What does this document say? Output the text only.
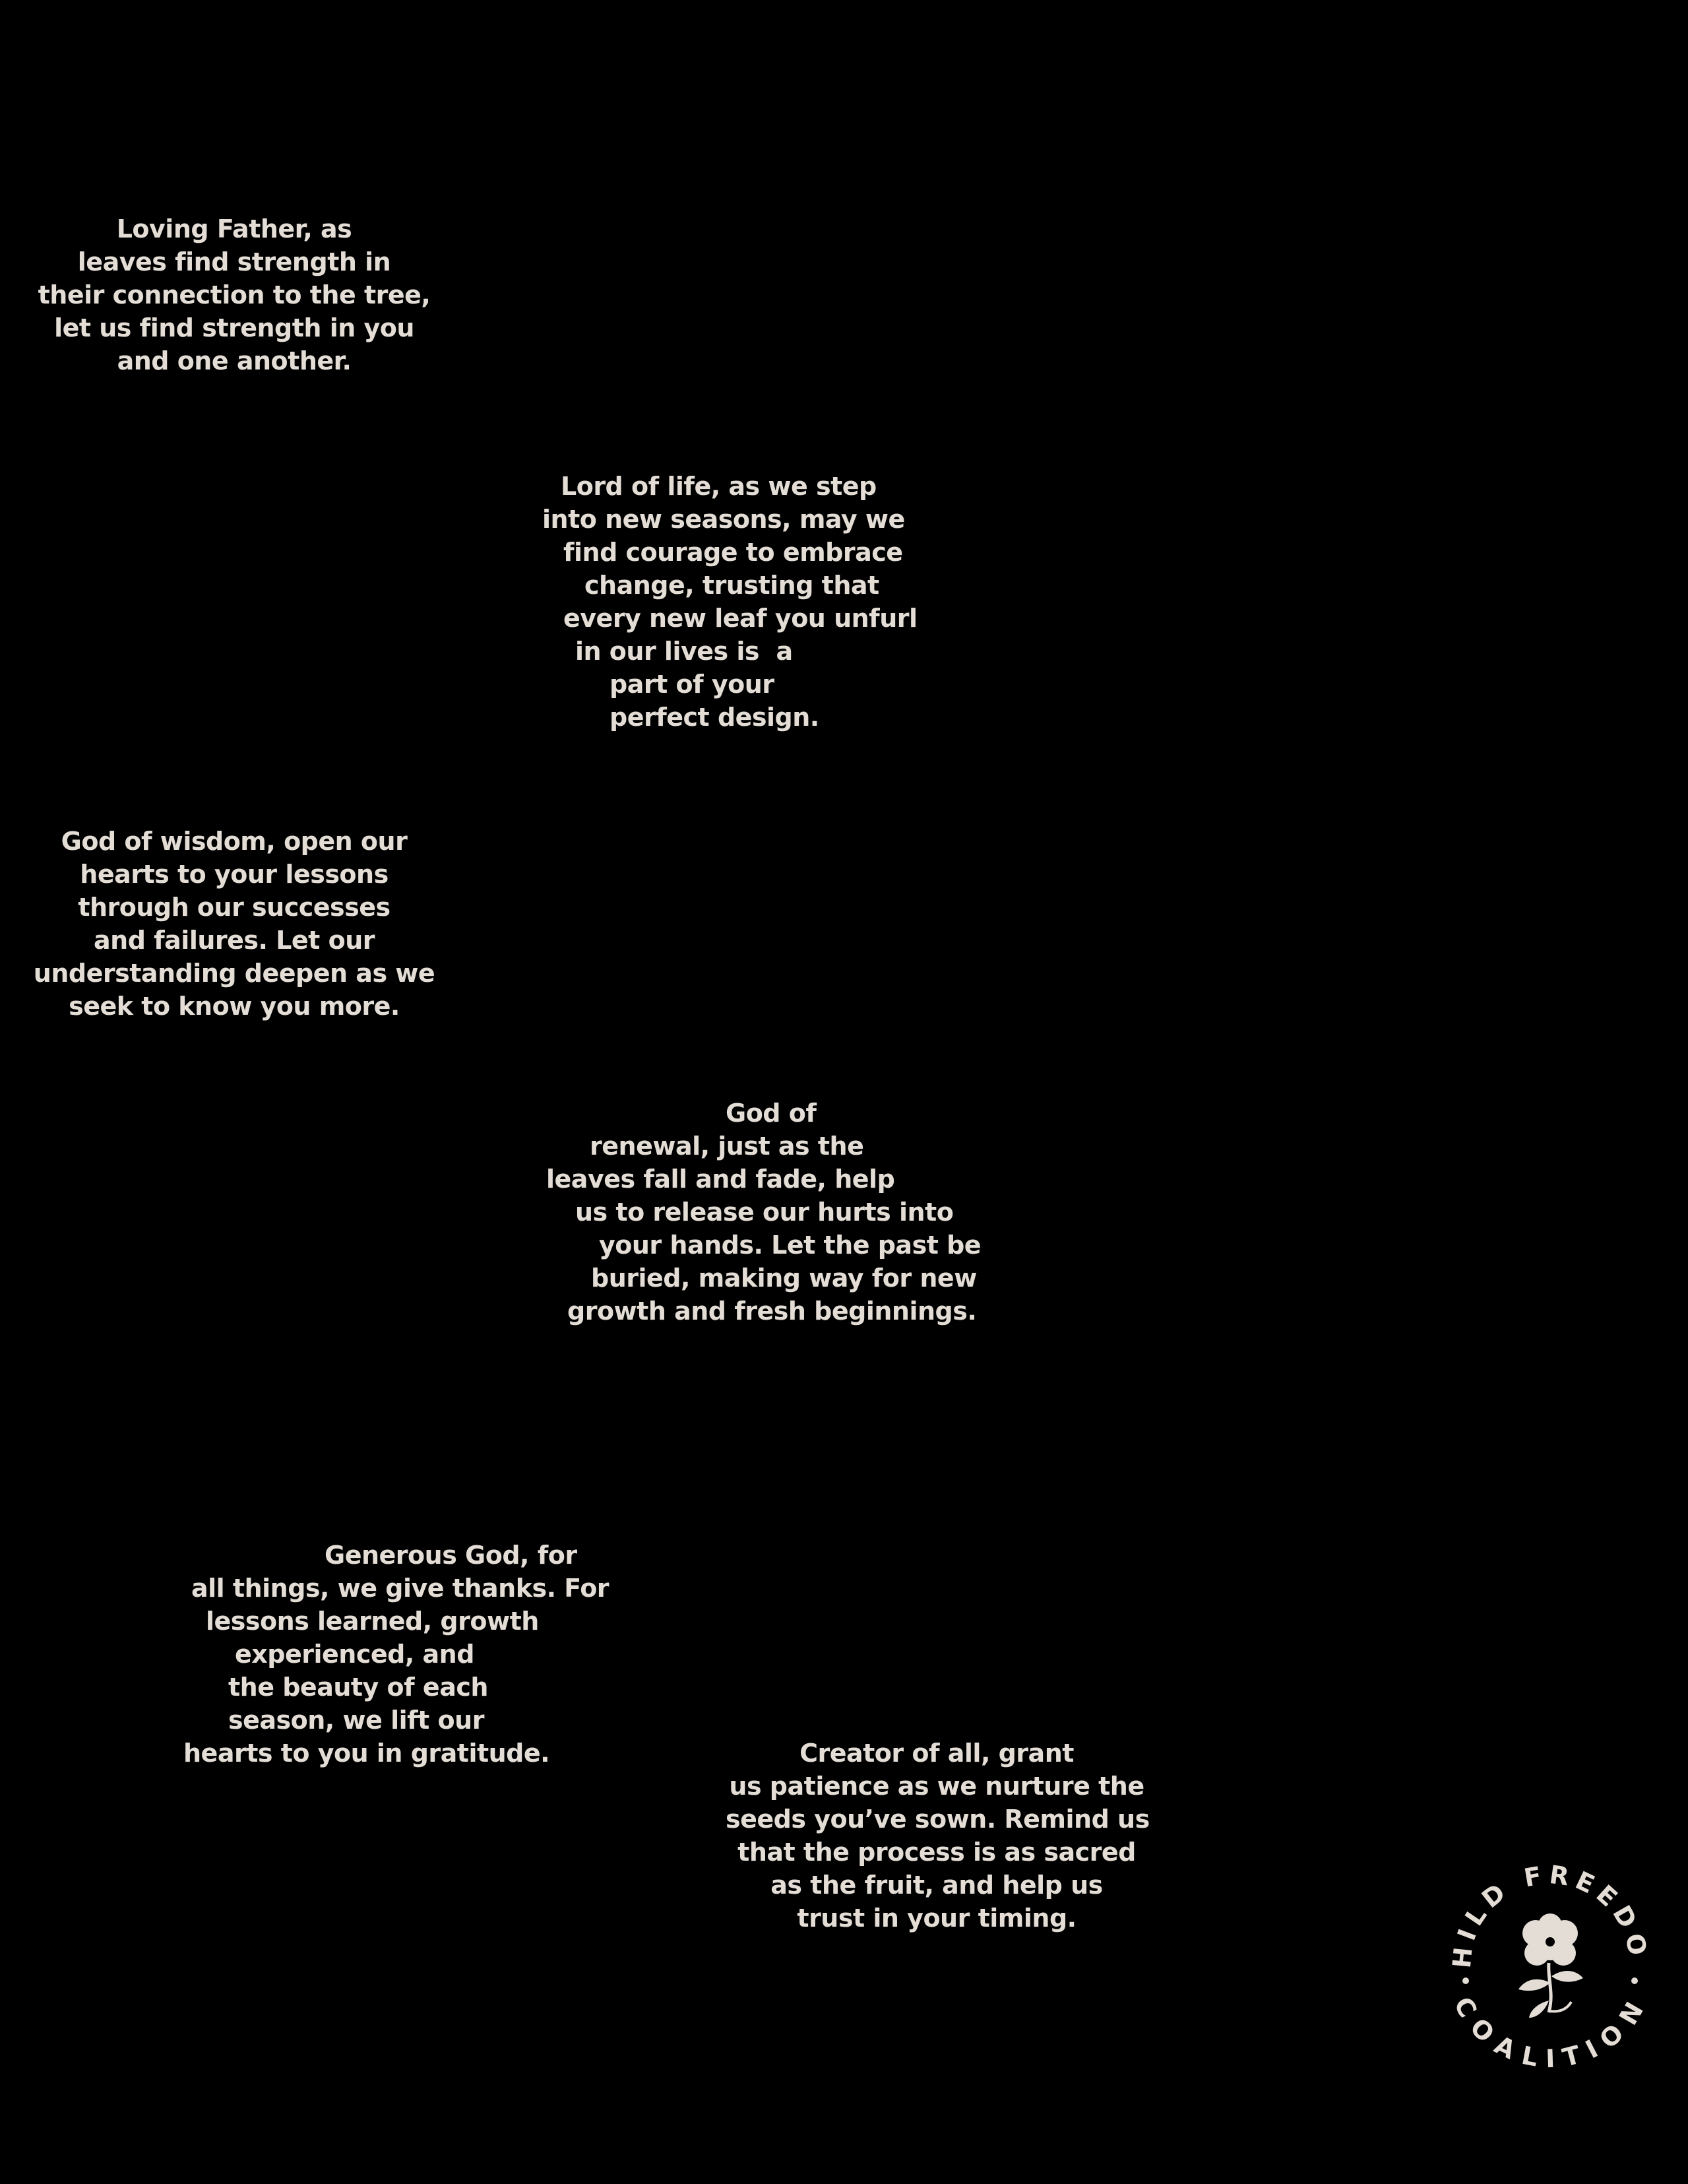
Loving Father, as
leaves find strength in
their connection to the tree,
let us find strength in you
and one another.
Lord of life, as we step
into new seasons, may we
find courage to embrace
change, trusting that
every new leaf you unfurl
in our lives is  a
part of your
perfect design.
God of wisdom, open our
hearts to your lessons
through our successes
and failures. Let our
understanding deepen as we
seek to know you more.
God of
renewal, just as the
leaves fall and fade, help
us to release our hurts into
your hands. Let the past be
buried, making way for new
growth and fresh beginnings.
Generous God, for
all things, we give thanks. For
lessons learned, growth
experienced, and
the beauty of each
season, we lift our
hearts to you in gratitude.	Creator of all, grant
us patience as we nurture the
seeds you’ve sown. Remind us
that the process is as sacred
as the fruit, and help us
trust in your timing.
HILD FREEDO
COALITION
